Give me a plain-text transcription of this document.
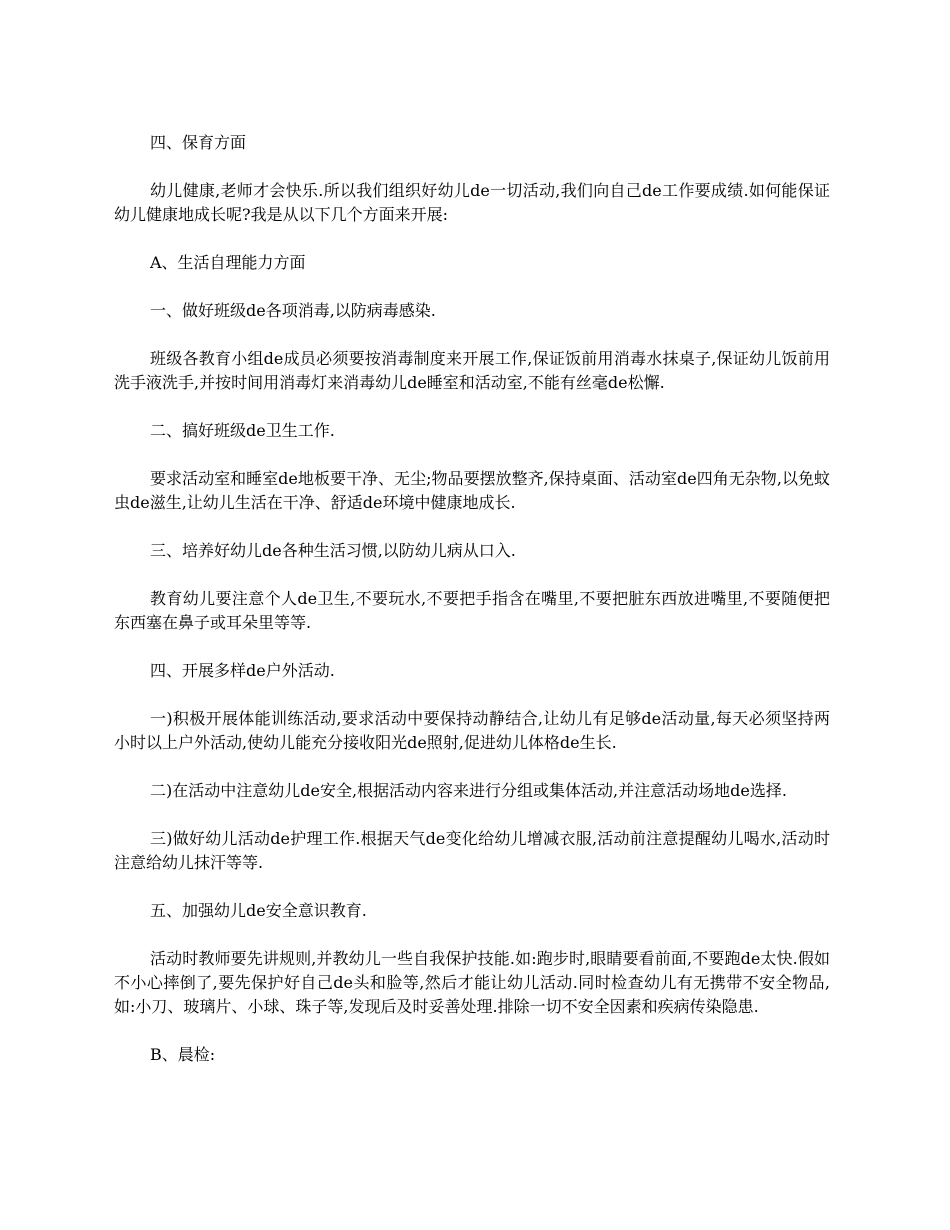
四、保育方面

幼儿健康,老师才会快乐.所以我们组织好幼儿de一切活动,我们向自己de工作要成绩.如何能保证幼儿健康地成长呢?我是从以下几个方面来开展:

A、生活自理能力方面

一、做好班级de各项消毒,以防病毒感染.

班级各教育小组de成员必须要按消毒制度来开展工作,保证饭前用消毒水抹桌子,保证幼儿饭前用洗手液洗手,并按时间用消毒灯来消毒幼儿de睡室和活动室,不能有丝毫de松懈.

二、搞好班级de卫生工作.

要求活动室和睡室de地板要干净、无尘;物品要摆放整齐,保持桌面、活动室de四角无杂物,以免蚊虫de滋生,让幼儿生活在干净、舒适de环境中健康地成长.

三、培养好幼儿de各种生活习惯,以防幼儿病从口入.

教育幼儿要注意个人de卫生,不要玩水,不要把手指含在嘴里,不要把脏东西放进嘴里,不要随便把东西塞在鼻子或耳朵里等等.

四、开展多样de户外活动.

一)积极开展体能训练活动,要求活动中要保持动静结合,让幼儿有足够de活动量,每天必须坚持两小时以上户外活动,使幼儿能充分接收阳光de照射,促进幼儿体格de生长.

二)在活动中注意幼儿de安全,根据活动内容来进行分组或集体活动,并注意活动场地de选择.

三)做好幼儿活动de护理工作.根据天气de变化给幼儿增减衣服,活动前注意提醒幼儿喝水,活动时注意给幼儿抹汗等等.

五、加强幼儿de安全意识教育.

活动时教师要先讲规则,并教幼儿一些自我保护技能.如:跑步时,眼睛要看前面,不要跑de太快.假如不小心摔倒了,要先保护好自己de头和脸等,然后才能让幼儿活动.同时检查幼儿有无携带不安全物品,如:小刀、玻璃片、小球、珠子等,发现后及时妥善处理.排除一切不安全因素和疾病传染隐患.

B、晨检:
